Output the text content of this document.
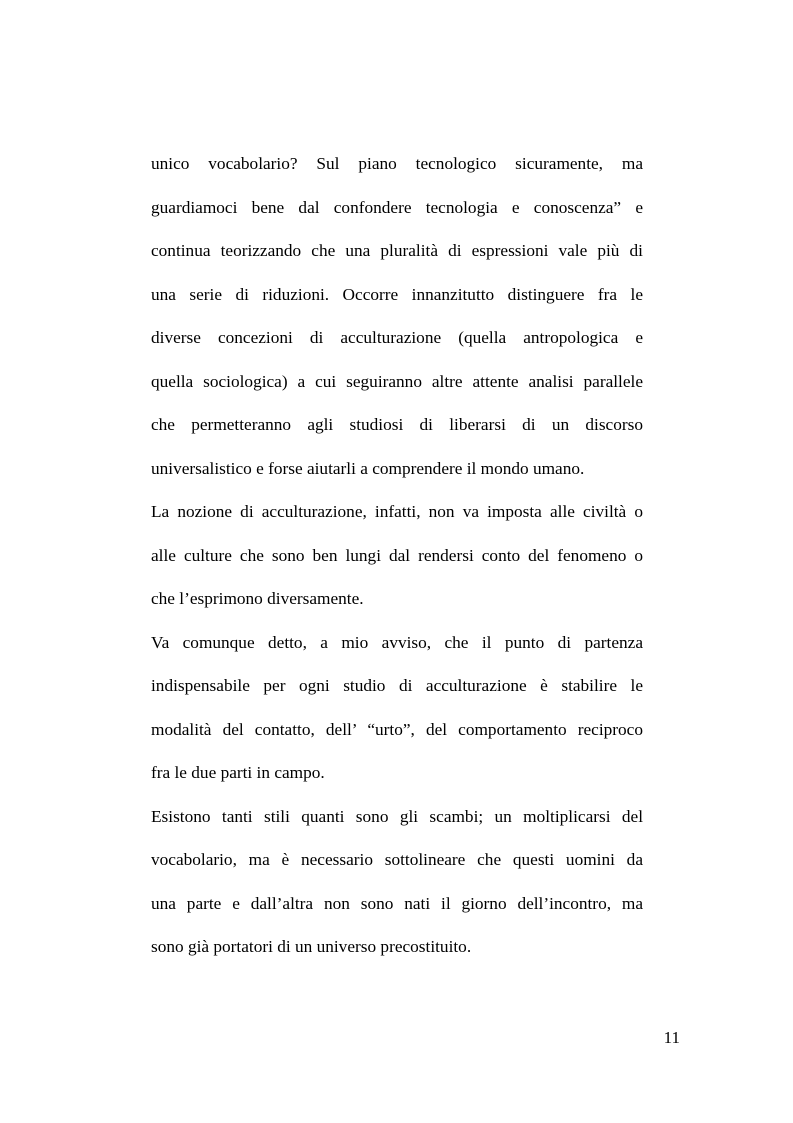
unico vocabolario? Sul piano tecnologico sicuramente, ma
guardiamoci bene dal confondere tecnologia e conoscenza” e
continua teorizzando che una pluralità di espressioni vale più di
una serie di riduzioni. Occorre innanzitutto distinguere fra le
diverse concezioni di acculturazione (quella antropologica e
quella sociologica) a cui seguiranno altre attente analisi parallele
che permetteranno agli studiosi di liberarsi di un discorso
universalistico e forse aiutarli a comprendere il mondo umano.
La nozione di acculturazione, infatti, non va imposta alle civiltà o
alle culture che sono ben lungi dal rendersi conto del fenomeno o
che l’esprimono diversamente.
Va comunque detto, a mio avviso, che il punto di partenza
indispensabile per ogni studio di acculturazione è stabilire le
modalità del contatto, dell’ “urto”, del comportamento reciproco
fra le due parti in campo.
Esistono tanti stili quanti sono gli scambi; un moltiplicarsi del
vocabolario, ma è necessario sottolineare che questi uomini da
una parte e dall’altra non sono nati il giorno dell’incontro, ma
sono già portatori di un universo precostituito.
11
